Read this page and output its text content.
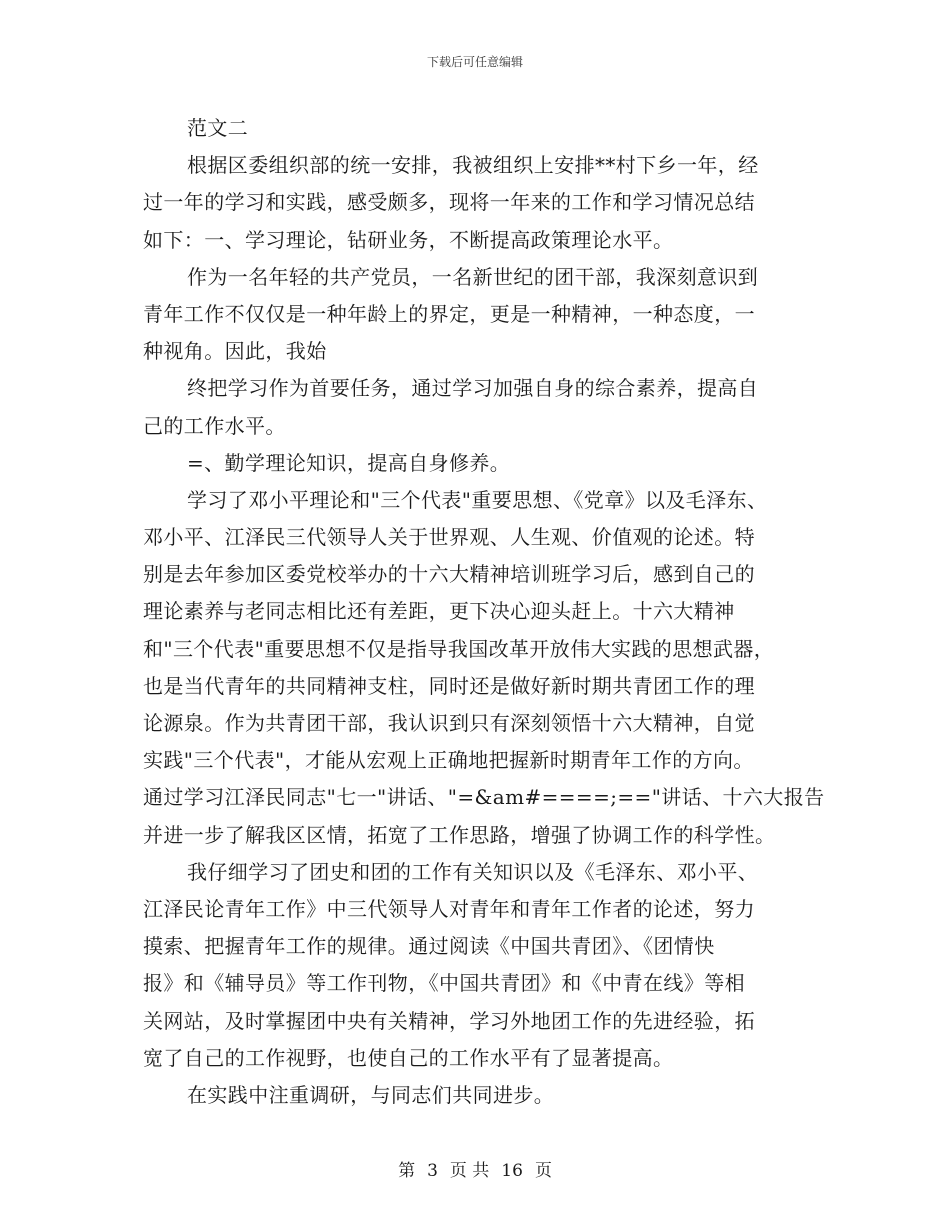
下载后可任意编辑
范文二
根据区委组织部的统一安排，我被组织上安排**村下乡一年，经
过一年的学习和实践，感受颇多，现将一年来的工作和学习情况总结
如下：一、学习理论，钻研业务，不断提高政策理论水平。
作为一名年轻的共产党员，一名新世纪的团干部，我深刻意识到
青年工作不仅仅是一种年龄上的界定，更是一种精神，一种态度，一
种视角。因此，我始
终把学习作为首要任务，通过学习加强自身的综合素养，提高自
己的工作水平。
=、勤学理论知识，提高自身修养。
学习了邓小平理论和"三个代表"重要思想、《党章》以及毛泽东、
邓小平、江泽民三代领导人关于世界观、人生观、价值观的论述。特
别是去年参加区委党校举办的十六大精神培训班学习后，感到自己的
理论素养与老同志相比还有差距，更下决心迎头赶上。十六大精神
和"三个代表"重要思想不仅是指导我国改革开放伟大实践的思想武器，
也是当代青年的共同精神支柱，同时还是做好新时期共青团工作的理
论源泉。作为共青团干部，我认识到只有深刻领悟十六大精神，自觉
实践"三个代表"，才能从宏观上正确地把握新时期青年工作的方向。
通过学习江泽民同志"七一"讲话、"=&am#====;=="讲话、十六大报告
并进一步了解我区区情，拓宽了工作思路，增强了协调工作的科学性。
我仔细学习了团史和团的工作有关知识以及《毛泽东、邓小平、
江泽民论青年工作》中三代领导人对青年和青年工作者的论述，努力
摸索、把握青年工作的规律。通过阅读《中国共青团》、《团情快
报》和《辅导员》等工作刊物，《中国共青团》和《中青在线》等相
关网站，及时掌握团中央有关精神，学习外地团工作的先进经验，拓
宽了自己的工作视野，也使自己的工作水平有了显著提高。
在实践中注重调研，与同志们共同进步。
第 3 页 共 16 页
